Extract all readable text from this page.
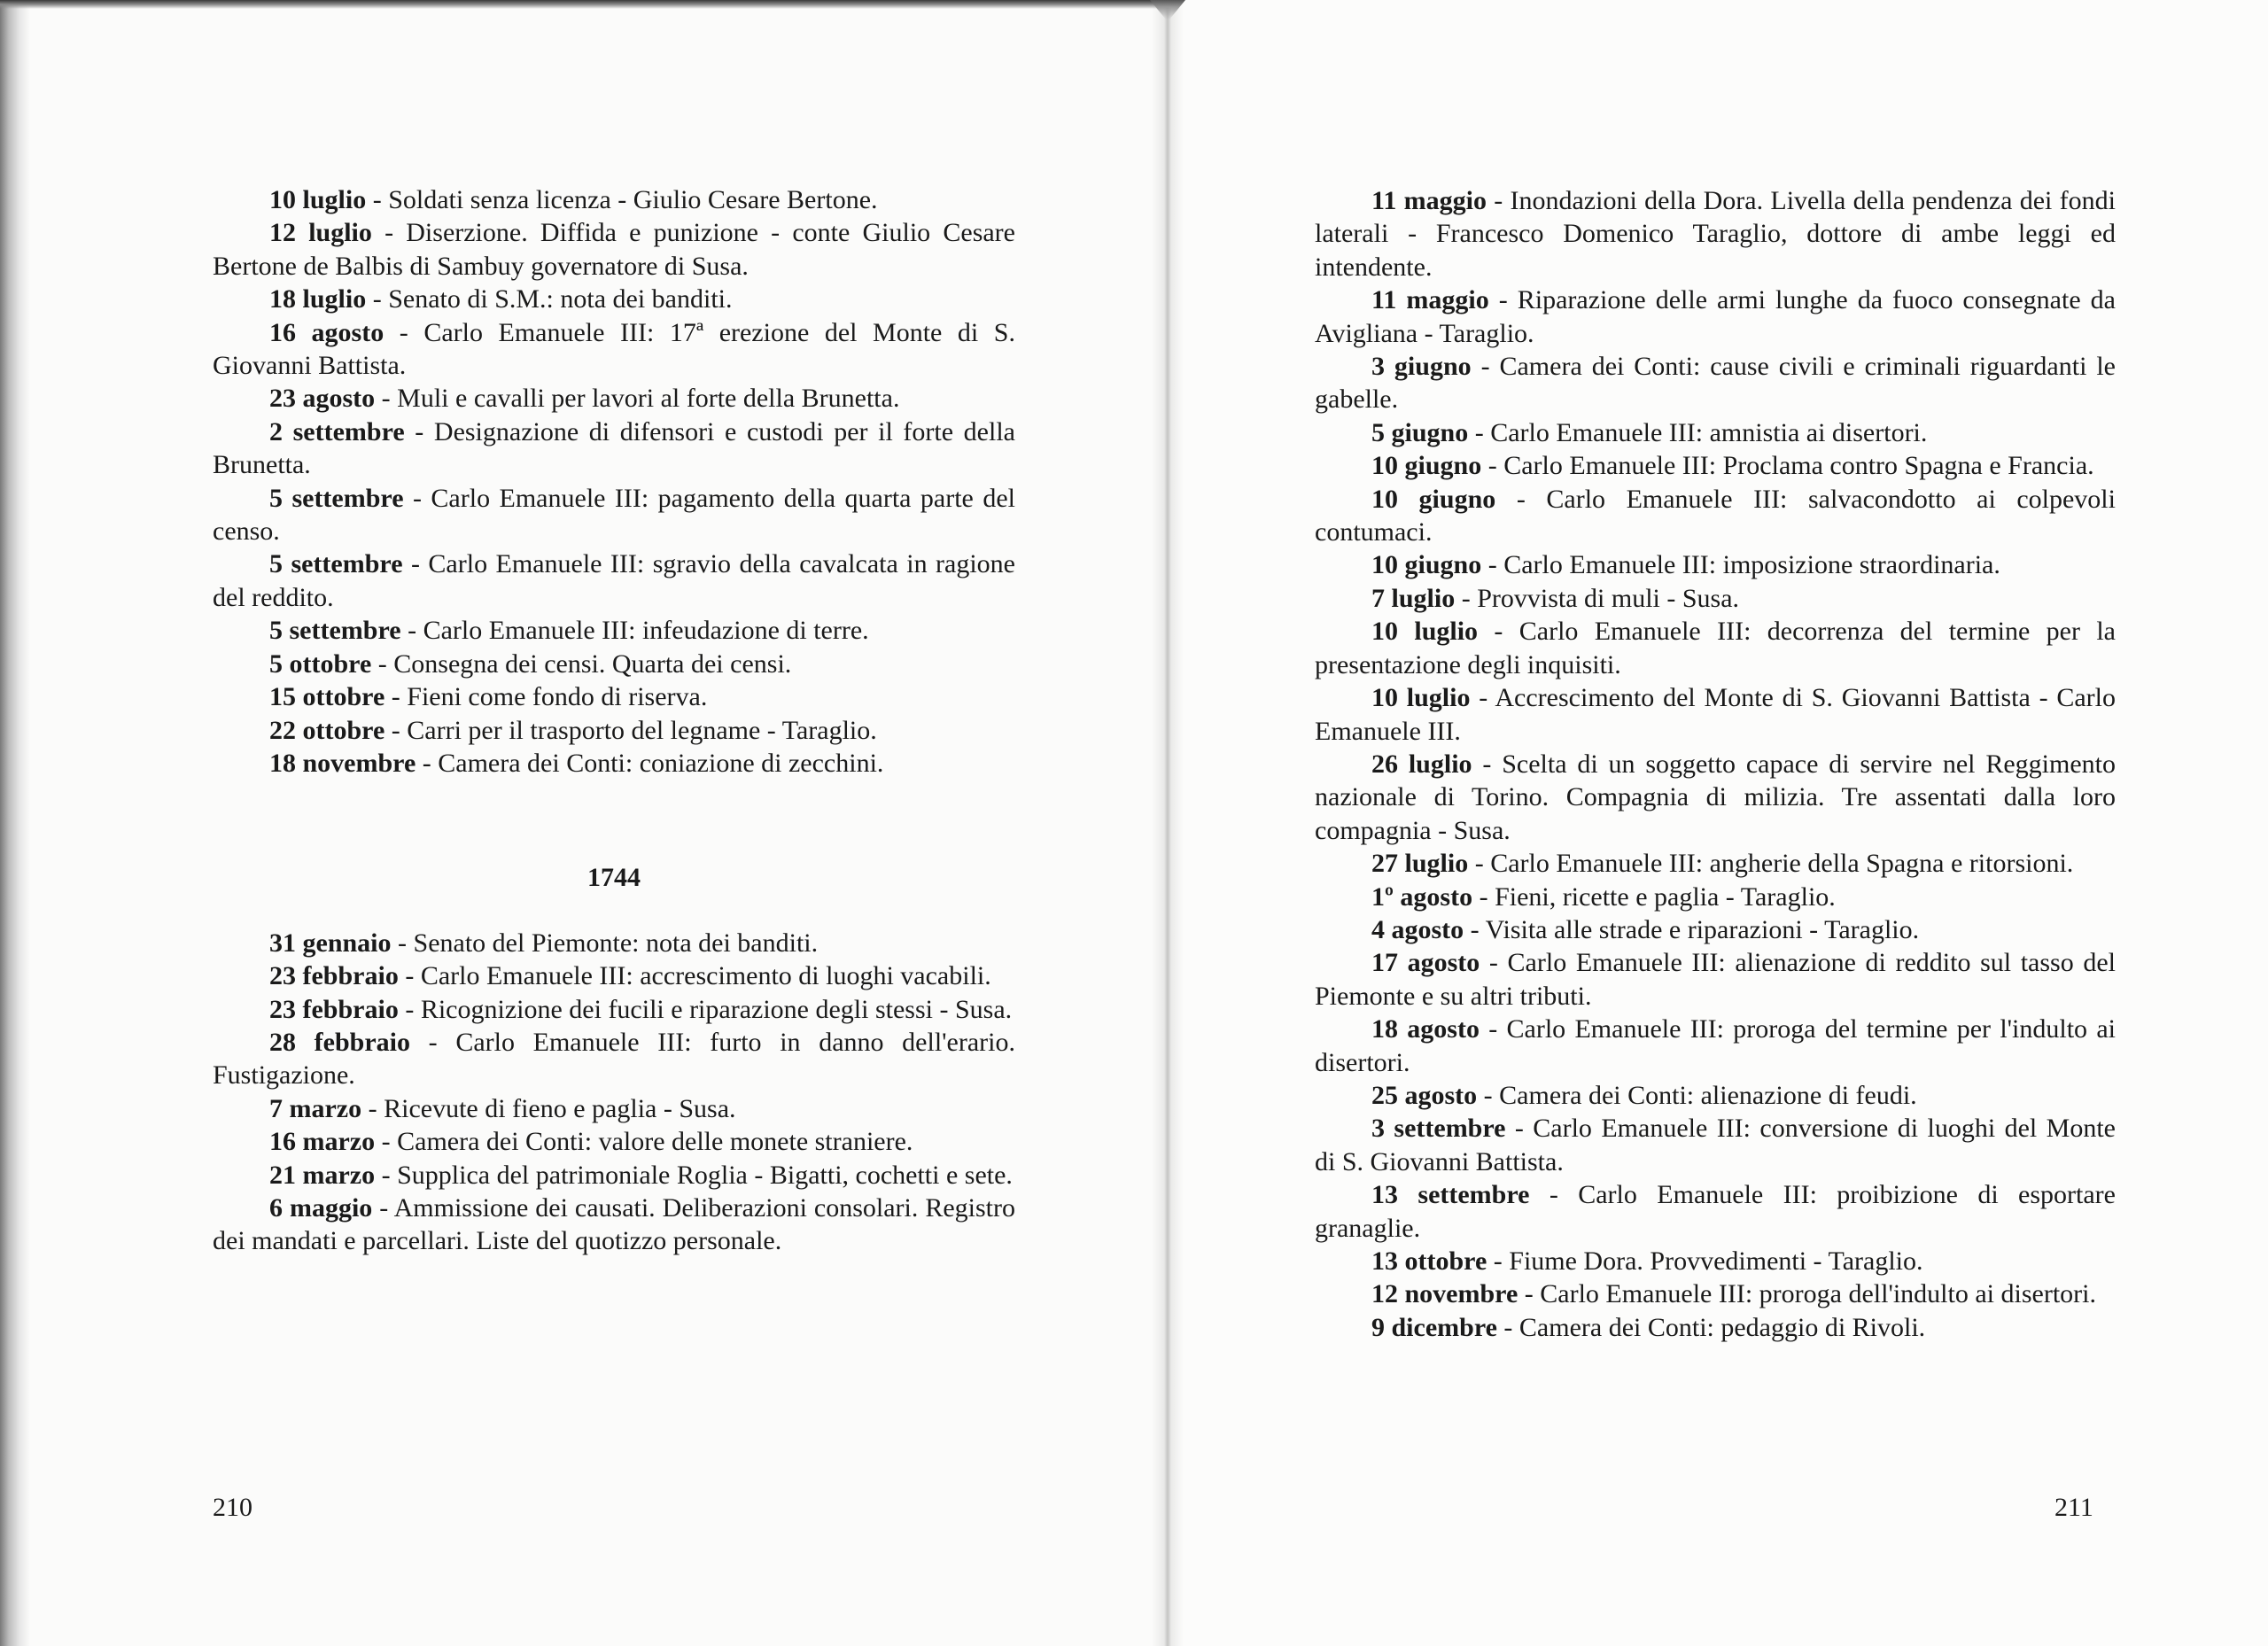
10 luglio - Soldati senza licenza - Giulio Cesare Bertone.

12 luglio - Diserzione. Diffida e punizione - conte Giulio Cesare Bertone de Balbis di Sambuy governatore di Susa.

18 luglio - Senato di S.M.: nota dei banditi.

16 agosto - Carlo Emanuele III: 17ª erezione del Monte di S. Giovanni Battista.

23 agosto - Muli e cavalli per lavori al forte della Brunetta.

2 settembre - Designazione di difensori e custodi per il forte della Brunetta.

5 settembre - Carlo Emanuele III: pagamento della quarta parte del censo.

5 settembre - Carlo Emanuele III: sgravio della cavalcata in ragione del reddito.

5 settembre - Carlo Emanuele III: infeudazione di terre.

5 ottobre - Consegna dei censi. Quarta dei censi.

15 ottobre - Fieni come fondo di riserva.

22 ottobre - Carri per il trasporto del legname - Taraglio.

18 novembre - Camera dei Conti: coniazione di zecchini.

1744

31 gennaio - Senato del Piemonte: nota dei banditi.

23 febbraio - Carlo Emanuele III: accrescimento di luoghi vacabili.

23 febbraio - Ricognizione dei fucili e riparazione degli stessi - Susa.

28 febbraio - Carlo Emanuele III: furto in danno dell'erario. Fustigazione.

7 marzo - Ricevute di fieno e paglia - Susa.

16 marzo - Camera dei Conti: valore delle monete straniere.

21 marzo - Supplica del patrimoniale Roglia - Bigatti, cochetti e sete.

6 maggio - Ammissione dei causati. Deliberazioni consolari. Registro dei mandati e parcellari. Liste del quotizzo personale.

210

11 maggio - Inondazioni della Dora. Livella della pendenza dei fondi laterali - Francesco Domenico Taraglio, dottore di ambe leggi ed intendente.

11 maggio - Riparazione delle armi lunghe da fuoco consegnate da Avigliana - Taraglio.

3 giugno - Camera dei Conti: cause civili e criminali riguardanti le gabelle.

5 giugno - Carlo Emanuele III: amnistia ai disertori.

10 giugno - Carlo Emanuele III: Proclama contro Spagna e Francia.

10 giugno - Carlo Emanuele III: salvacondotto ai colpevoli contumaci.

10 giugno - Carlo Emanuele III: imposizione straordinaria.

7 luglio - Provvista di muli - Susa.

10 luglio - Carlo Emanuele III: decorrenza del termine per la presentazione degli inquisiti.

10 luglio - Accrescimento del Monte di S. Giovanni Battista - Carlo Emanuele III.

26 luglio - Scelta di un soggetto capace di servire nel Reggimento nazionale di Torino. Compagnia di milizia. Tre assentati dalla loro compagnia - Susa.

27 luglio - Carlo Emanuele III: angherie della Spagna e ritorsioni.

1º agosto - Fieni, ricette e paglia - Taraglio.

4 agosto - Visita alle strade e riparazioni - Taraglio.

17 agosto - Carlo Emanuele III: alienazione di reddito sul tasso del Piemonte e su altri tributi.

18 agosto - Carlo Emanuele III: proroga del termine per l'indulto ai disertori.

25 agosto - Camera dei Conti: alienazione di feudi.

3 settembre - Carlo Emanuele III: conversione di luoghi del Monte di S. Giovanni Battista.

13 settembre - Carlo Emanuele III: proibizione di esportare granaglie.

13 ottobre - Fiume Dora. Provvedimenti - Taraglio.

12 novembre - Carlo Emanuele III: proroga dell'indulto ai disertori.

9 dicembre - Camera dei Conti: pedaggio di Rivoli.

211
